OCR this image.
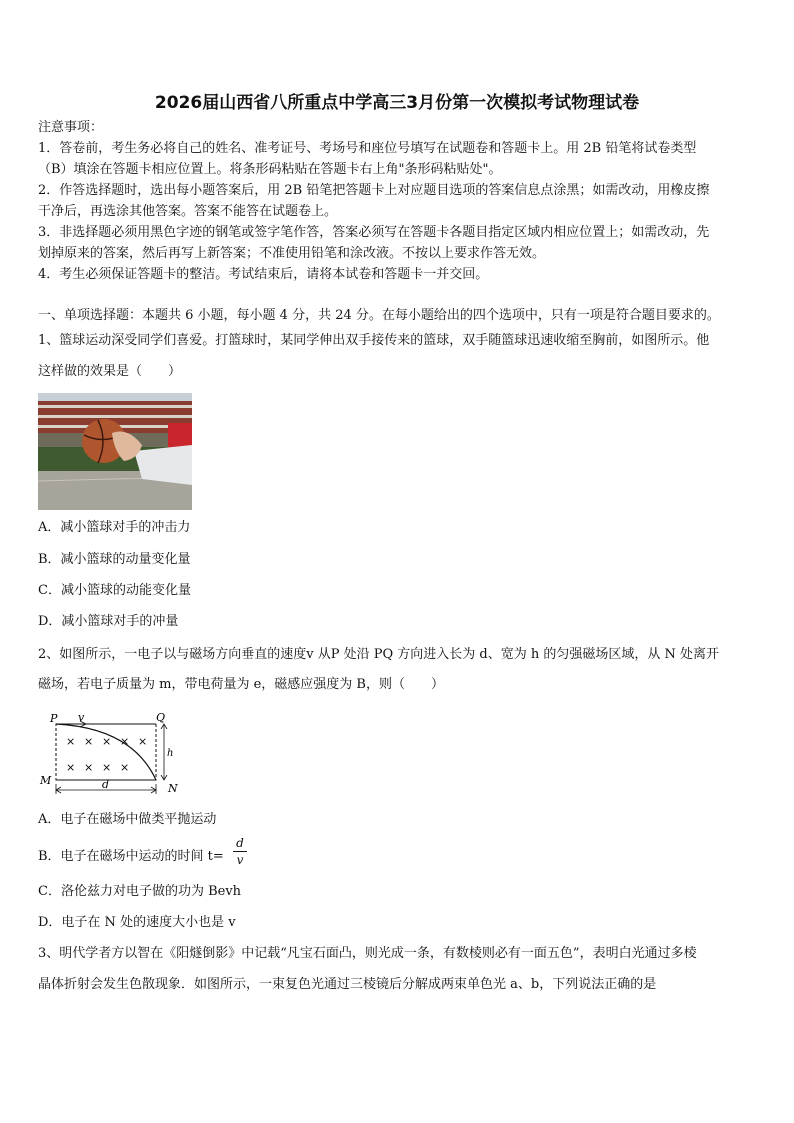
2026届山西省八所重点中学高三3月份第一次模拟考试物理试卷
注意事项：
1．答卷前，考生务必将自己的姓名、准考证号、考场号和座位号填写在试题卷和答题卡上。用 2B 铅笔将试卷类型
（B）填涂在答题卡相应位置上。将条形码粘贴在答题卡右上角"条形码粘贴处"。
2．作答选择题时，选出每小题答案后，用 2B 铅笔把答题卡上对应题目选项的答案信息点涂黑；如需改动，用橡皮擦
干净后，再选涂其他答案。答案不能答在试题卷上。
3．非选择题必须用黑色字迹的钢笔或签字笔作答，答案必须写在答题卡各题目指定区域内相应位置上；如需改动，先
划掉原来的答案，然后再写上新答案；不准使用铅笔和涂改液。不按以上要求作答无效。
4．考生必须保证答题卡的整洁。考试结束后，请将本试卷和答题卡一并交回。
一、单项选择题：本题共 6 小题，每小题 4 分，共 24 分。在每小题给出的四个选项中，只有一项是符合题目要求的。
1、篮球运动深受同学们喜爱。打篮球时，某同学伸出双手接传来的篮球，双手随篮球迅速收缩至胸前，如图所示。他
这样做的效果是（　　）
A．减小篮球对手的冲击力
B．减小篮球的动量变化量
C．减小篮球的动能变化量
D．减小篮球对手的冲量
2、如图所示，一电子以与磁场方向垂直的速度v 从P 处沿 PQ 方向进入长为 d、宽为 h 的匀强磁场区域，从 N 处离开
磁场，若电子质量为 m，带电荷量为 e，磁感应强度为 B，则（　　）
× × × × ×
× × × ×
P v	Q
M
N
h
d
A．电子在磁场中做类平抛运动
B．电子在磁场中运动的时间 t=
d
v
C．洛伦兹力对电子做的功为 Bevh
D．电子在 N 处的速度大小也是 v
3、明代学者方以智在《阳燧倒影》中记载“凡宝石面凸，则光成一条，有数棱则必有一面五色”，表明白光通过多棱
晶体折射会发生色散现象．如图所示，一束复色光通过三棱镜后分解成两束单色光 a、b，下列说法正确的是
